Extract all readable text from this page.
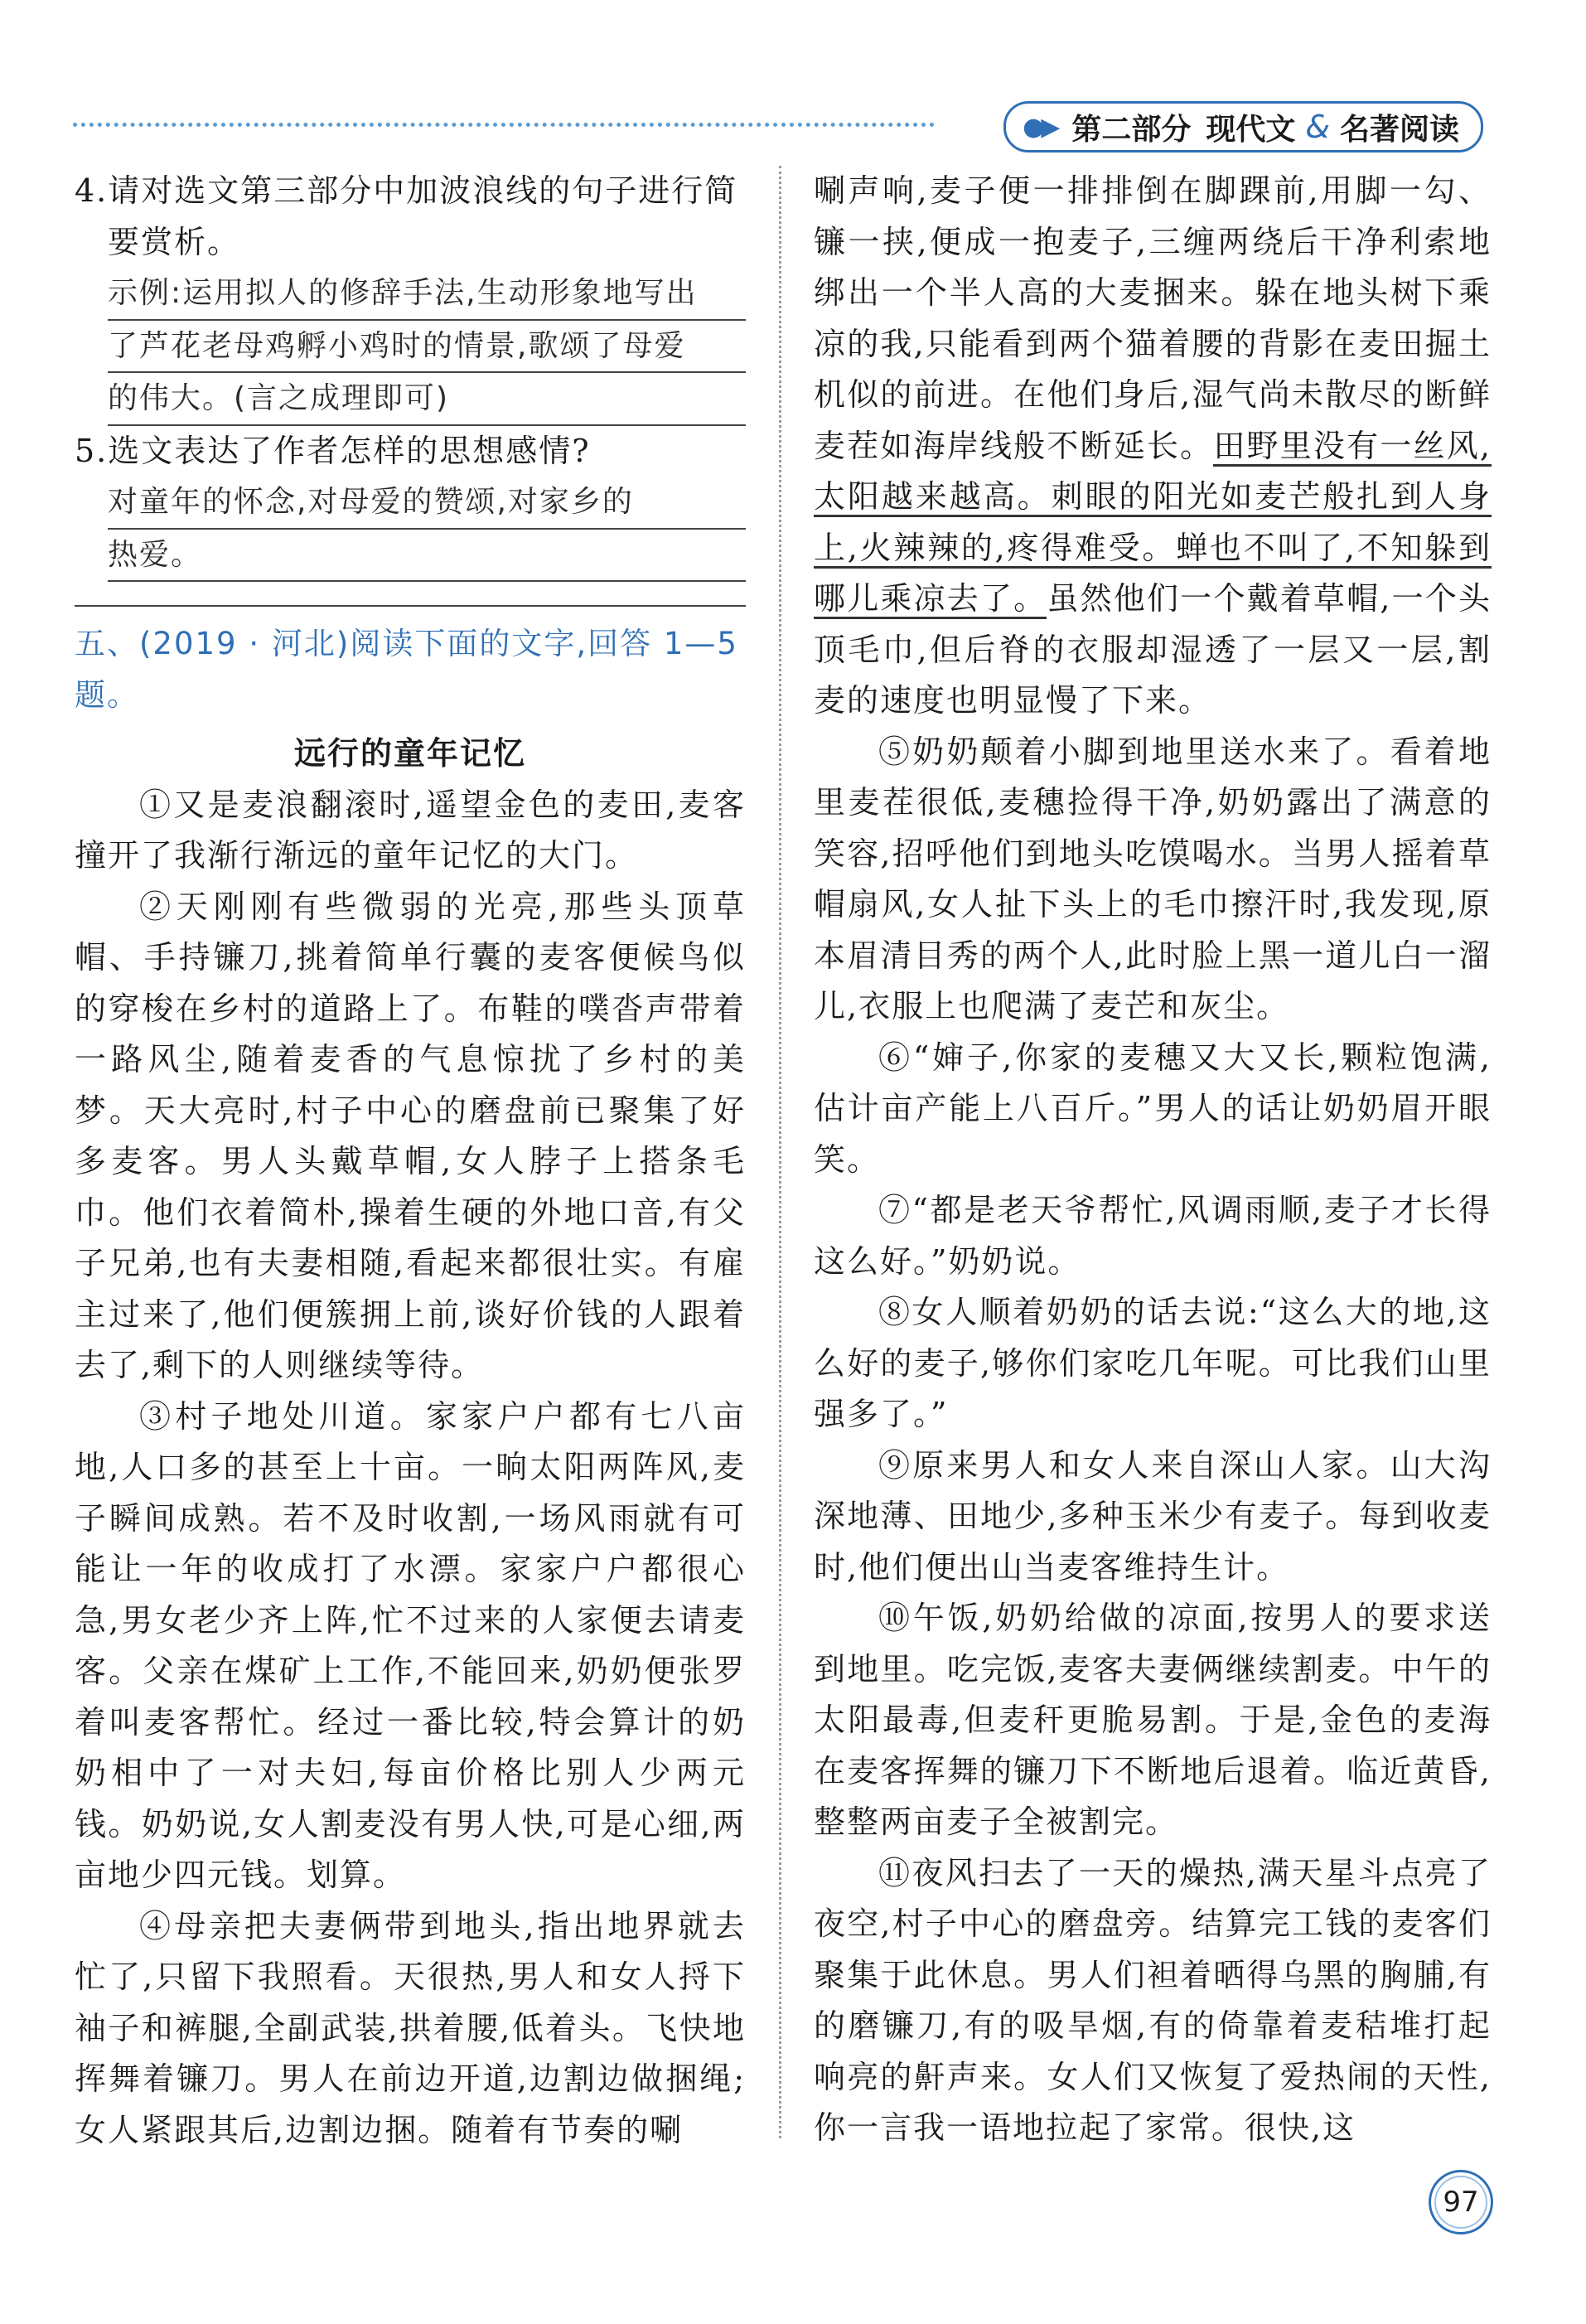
●▶ 第二部分 现代文 & 名著阅读
4.请对选文第三部分中加波浪线的句子进行简要赏析。
示例:运用拟人的修辞手法,生动形象地写出
了芦花老母鸡孵小鸡时的情景,歌颂了母爱
的伟大。(言之成理即可)
5.选文表达了作者怎样的思想感情?
对童年的怀念,对母爱的赞颂,对家乡的
热爱。
五、(2019 · 河北)阅读下面的文字,回答 1—5 题。
远行的童年记忆

①又是麦浪翻滚时,遥望金色的麦田,麦客撞开了我渐行渐远的童年记忆的大门。

②天刚刚有些微弱的光亮,那些头顶草帽、手持镰刀,挑着简单行囊的麦客便候鸟似的穿梭在乡村的道路上了。布鞋的噗沓声带着一路风尘,随着麦香的气息惊扰了乡村的美梦。天大亮时,村子中心的磨盘前已聚集了好多麦客。男人头戴草帽,女人脖子上搭条毛巾。他们衣着简朴,操着生硬的外地口音,有父子兄弟,也有夫妻相随,看起来都很壮实。有雇主过来了,他们便簇拥上前,谈好价钱的人跟着去了,剩下的人则继续等待。

③村子地处川道。家家户户都有七八亩地,人口多的甚至上十亩。一晌太阳两阵风,麦子瞬间成熟。若不及时收割,一场风雨就有可能让一年的收成打了水漂。家家户户都很心急,男女老少齐上阵,忙不过来的人家便去请麦客。父亲在煤矿上工作,不能回来,奶奶便张罗着叫麦客帮忙。经过一番比较,特会算计的奶奶相中了一对夫妇,每亩价格比别人少两元钱。奶奶说,女人割麦没有男人快,可是心细,两亩地少四元钱。划算。

④母亲把夫妻俩带到地头,指出地界就去忙了,只留下我照看。天很热,男人和女人捋下袖子和裤腿,全副武装,拱着腰,低着头。飞快地挥舞着镰刀。男人在前边开道,边割边做捆绳;女人紧跟其后,边割边捆。随着有节奏的唰

唰声响,麦子便一排排倒在脚踝前,用脚一勾、镰一挟,便成一抱麦子,三缠两绕后干净利索地绑出一个半人高的大麦捆来。躲在地头树下乘凉的我,只能看到两个猫着腰的背影在麦田掘土机似的前进。在他们身后,湿气尚未散尽的断鲜麦茬如海岸线般不断延长。田野里没有一丝风,太阳越来越高。刺眼的阳光如麦芒般扎到人身上,火辣辣的,疼得难受。蝉也不叫了,不知躲到哪儿乘凉去了。虽然他们一个戴着草帽,一个头顶毛巾,但后脊的衣服却湿透了一层又一层,割麦的速度也明显慢了下来。

⑤奶奶颠着小脚到地里送水来了。看着地里麦茬很低,麦穗捡得干净,奶奶露出了满意的笑容,招呼他们到地头吃馍喝水。当男人摇着草帽扇风,女人扯下头上的毛巾擦汗时,我发现,原本眉清目秀的两个人,此时脸上黑一道儿白一溜儿,衣服上也爬满了麦芒和灰尘。

⑥“婶子,你家的麦穗又大又长,颗粒饱满,估计亩产能上八百斤。”男人的话让奶奶眉开眼笑。

⑦“都是老天爷帮忙,风调雨顺,麦子才长得这么好。”奶奶说。

⑧女人顺着奶奶的话去说:“这么大的地,这么好的麦子,够你们家吃几年呢。可比我们山里强多了。”

⑨原来男人和女人来自深山人家。山大沟深地薄、田地少,多种玉米少有麦子。每到收麦时,他们便出山当麦客维持生计。

⑩午饭,奶奶给做的凉面,按男人的要求送到地里。吃完饭,麦客夫妻俩继续割麦。中午的太阳最毒,但麦秆更脆易割。于是,金色的麦海在麦客挥舞的镰刀下不断地后退着。临近黄昏,整整两亩麦子全被割完。

⑪夜风扫去了一天的燥热,满天星斗点亮了夜空,村子中心的磨盘旁。结算完工钱的麦客们聚集于此休息。男人们袒着晒得乌黑的胸脯,有的磨镰刀,有的吸旱烟,有的倚靠着麦秸堆打起响亮的鼾声来。女人们又恢复了爱热闹的天性,你一言我一语地拉起了家常。很快,这

97
